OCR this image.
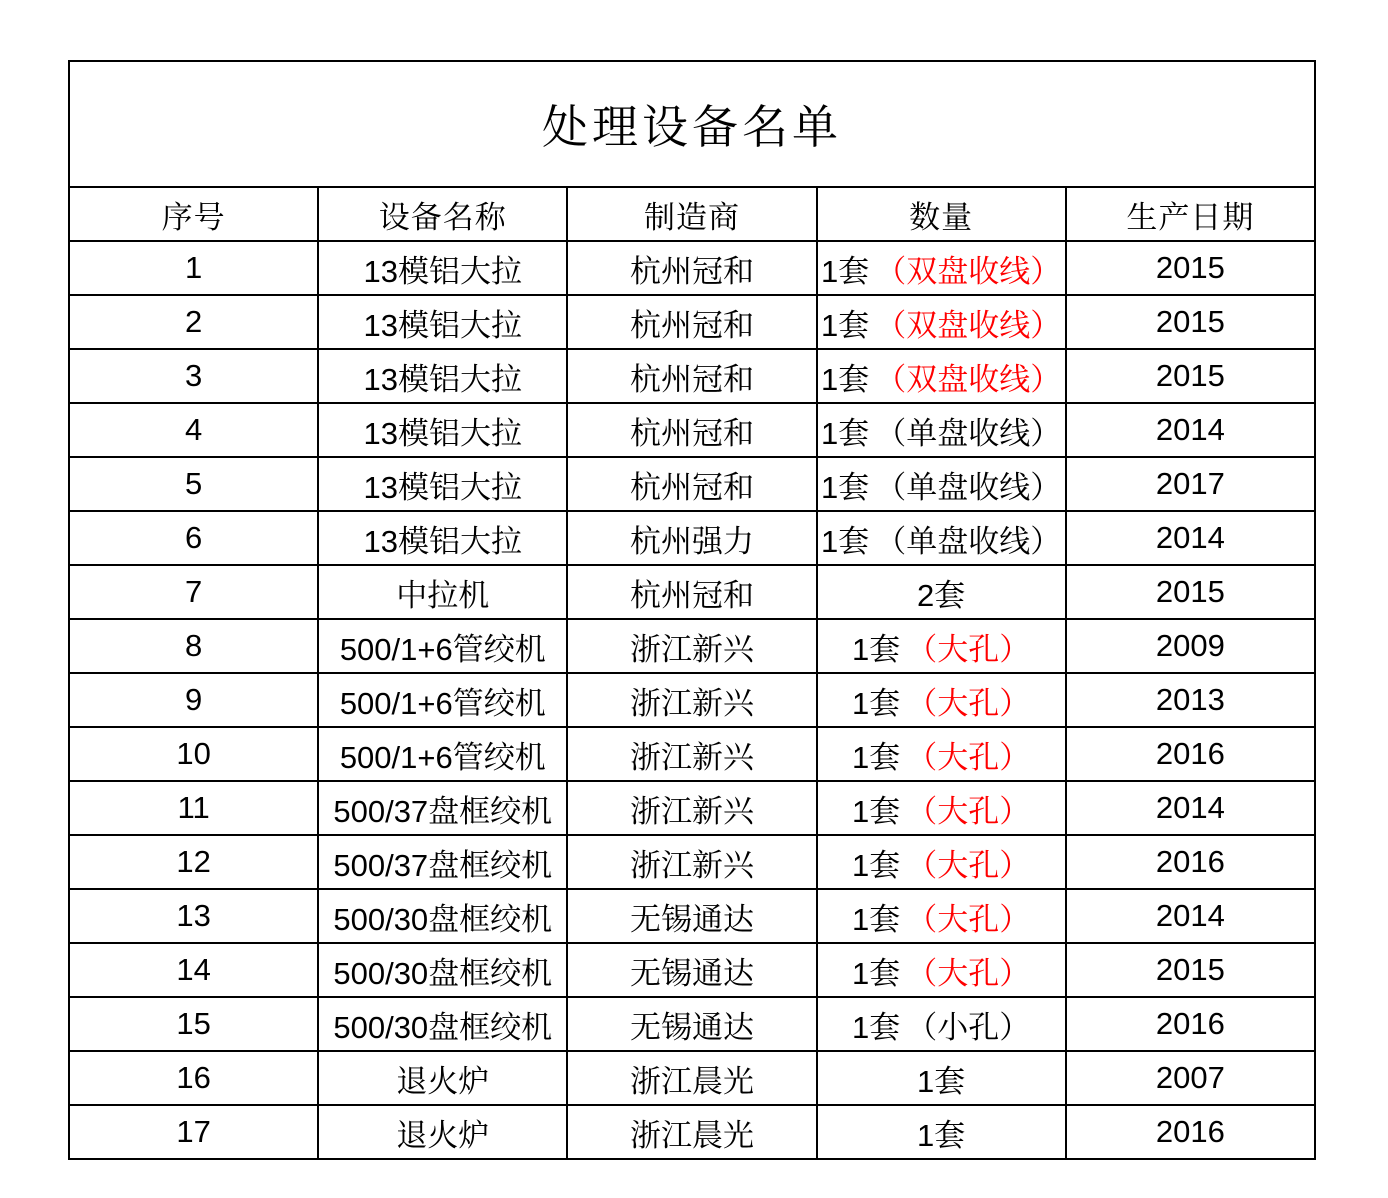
处理设备名单				
序号	设备名称	制造商	数量	生产日期
1	13模铝大拉	杭州冠和	1套 （双盘收线）	2015
2	13模铝大拉	杭州冠和	1套 （双盘收线）	2015
3	13模铝大拉	杭州冠和	1套 （双盘收线）	2015
4	13模铝大拉	杭州冠和	1套 （单盘收线）	2014
5	13模铝大拉	杭州冠和	1套 （单盘收线）	2017
6	13模铝大拉	杭州强力	1套 （单盘收线）	2014
7	中拉机	杭州冠和	2套	2015
8	500/1+6管绞机	浙江新兴	1套 （大孔）	2009
9	500/1+6管绞机	浙江新兴	1套 （大孔）	2013
10	500/1+6管绞机	浙江新兴	1套 （大孔）	2016
11	500/37盘框绞机	浙江新兴	1套 （大孔）	2014
12	500/37盘框绞机	浙江新兴	1套 （大孔）	2016
13	500/30盘框绞机	无锡通达	1套 （大孔）	2014
14	500/30盘框绞机	无锡通达	1套 （大孔）	2015
15	500/30盘框绞机	无锡通达	1套 （小孔）	2016
16	退火炉	浙江晨光	1套	2007
17	退火炉	浙江晨光	1套	2016
